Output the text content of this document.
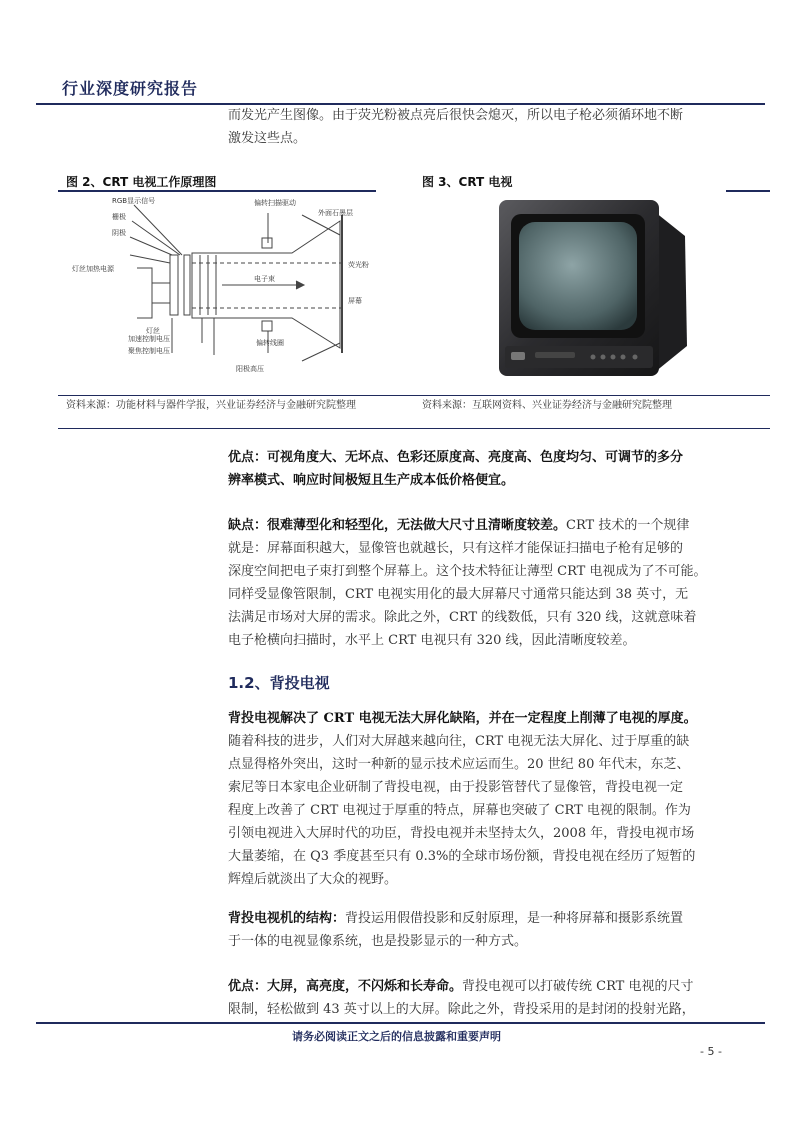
行业深度研究报告
而发光产生图像。由于荧光粉被点亮后很快会熄灭，所以电子枪必须循环地不断
激发这些点。
图 2、CRT 电视工作原理图	图 3、CRT 电视
RGB显示信号
栅极
阴极
灯丝加热电源
灯丝
加速控制电压
聚焦控制电压
偏转扫描驱动
外面石墨层
荧光粉
电子束
屏幕
偏转线圈
阳极高压
资料来源：功能材料与器件学报，兴业证券经济与金融研究院整理	资料来源：互联网资料、兴业证券经济与金融研究院整理
优点：可视角度大、无坏点、色彩还原度高、亮度高、色度均匀、可调节的多分
辨率模式、响应时间极短且生产成本低价格便宜。
缺点：很难薄型化和轻型化，无法做大尺寸且清晰度较差。CRT 技术的一个规律
就是：屏幕面积越大，显像管也就越长，只有这样才能保证扫描电子枪有足够的
深度空间把电子束打到整个屏幕上。这个技术特征让薄型 CRT 电视成为了不可能。
同样受显像管限制，CRT 电视实用化的最大屏幕尺寸通常只能达到 38 英寸，无
法满足市场对大屏的需求。除此之外，CRT 的线数低，只有 320 线，这就意味着
电子枪横向扫描时，水平上 CRT 电视只有 320 线，因此清晰度较差。
1.2、背投电视
背投电视解决了 CRT 电视无法大屏化缺陷，并在一定程度上削薄了电视的厚度。
随着科技的进步，人们对大屏越来越向往，CRT 电视无法大屏化、过于厚重的缺
点显得格外突出，这时一种新的显示技术应运而生。20 世纪 80 年代末，东芝、
索尼等日本家电企业研制了背投电视，由于投影管替代了显像管，背投电视一定
程度上改善了 CRT 电视过于厚重的特点，屏幕也突破了 CRT 电视的限制。作为
引领电视进入大屏时代的功臣，背投电视并未坚持太久，2008 年，背投电视市场
大量萎缩，在 Q3 季度甚至只有 0.3%的全球市场份额，背投电视在经历了短暂的
辉煌后就淡出了大众的视野。
背投电视机的结构：背投运用假借投影和反射原理，是一种将屏幕和摄影系统置
于一体的电视显像系统，也是投影显示的一种方式。
优点：大屏，高亮度，不闪烁和长寿命。背投电视可以打破传统 CRT 电视的尺寸
限制，轻松做到 43 英寸以上的大屏。除此之外，背投采用的是封闭的投射光路，
请务必阅读正文之后的信息披露和重要声明
- 5 -
